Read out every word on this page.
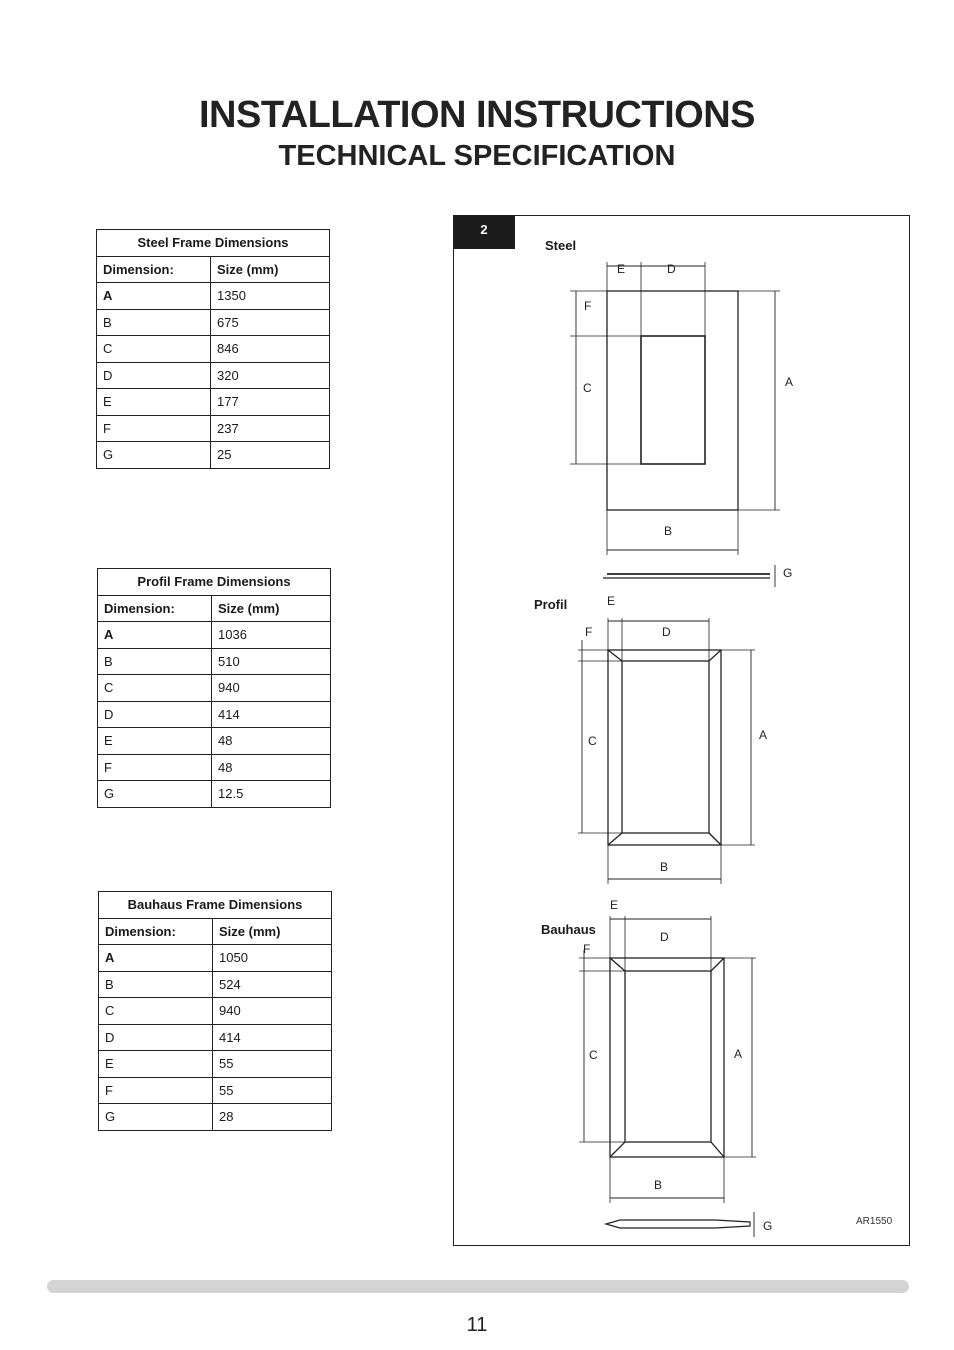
INSTALLATION INSTRUCTIONS
TECHNICAL SPECIFICATION
Steel Frame Dimensions	
Dimension:	Size (mm)
A	1350
B	675
C	846
D	320
E	177
F	237
G	25
Profil Frame Dimensions	
Dimension:	Size (mm)
A	1036
B	510
C	940
D	414
E	48
F	48
G	12.5
Bauhaus Frame Dimensions	
Dimension:	Size (mm)
A	1050
B	524
C	940
D	414
E	55
F	55
G	28
2
Steel
Profil
Bauhaus
E	D
F
C	A
B
G
E
F	D
C	A
B
E
F
D
C	A
B
G	AR1550
11
